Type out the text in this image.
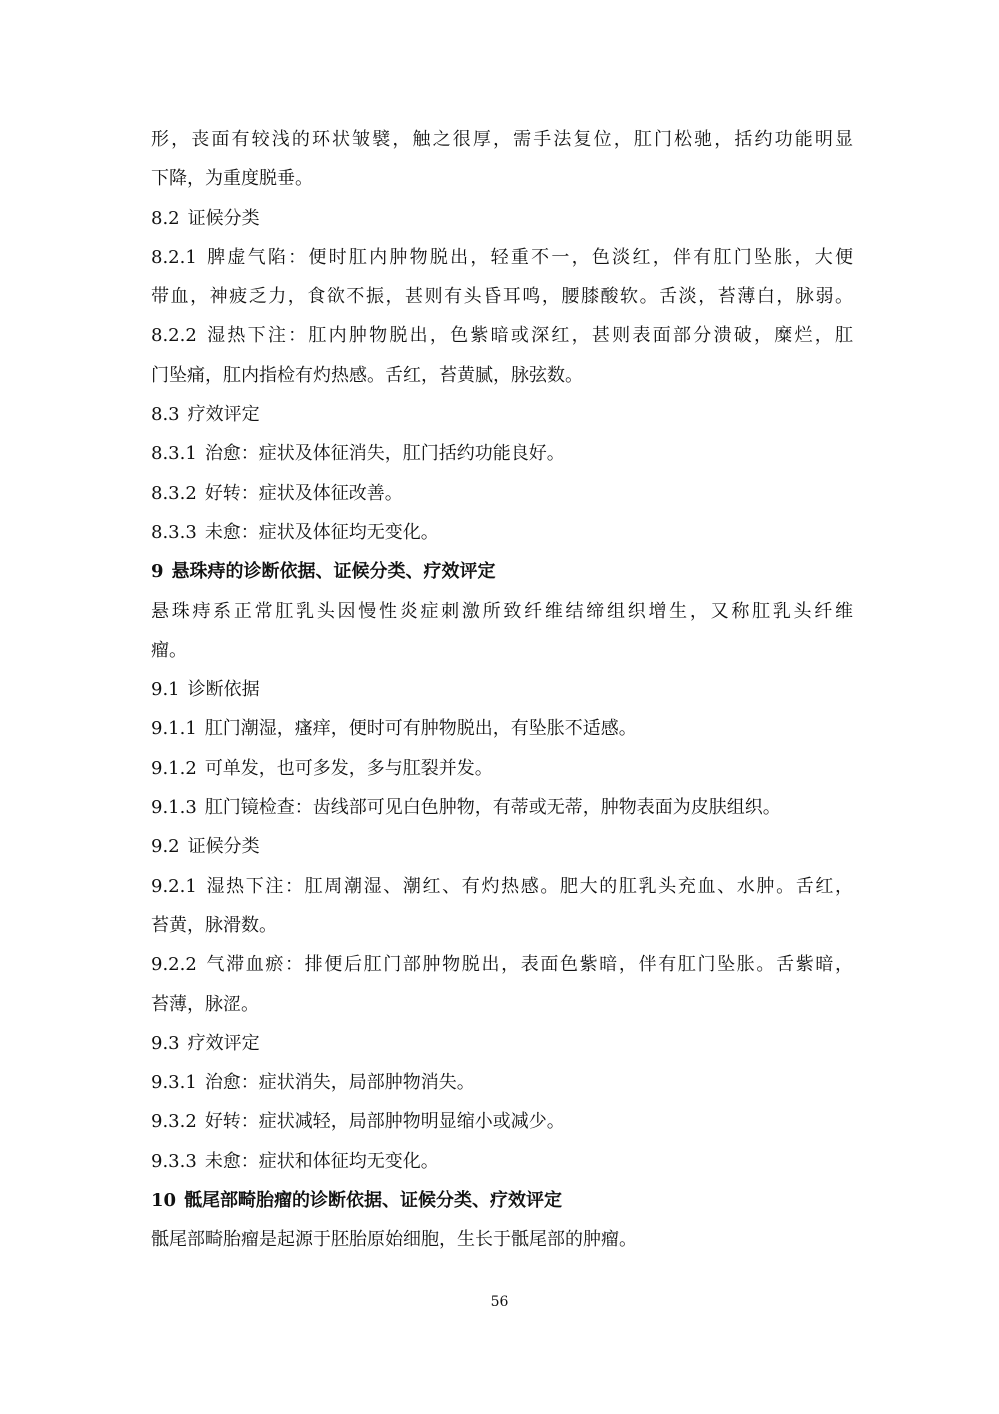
形，丧面有较浅的环状皱襞，触之很厚，需手法复位，肛门松驰，括约功能明显
下降，为重度脱垂。
8.2 证候分类
8.2.1 脾虚气陷：便时肛内肿物脱出，轻重不一，色淡红，伴有肛门坠胀，大便
带血，神疲乏力，食欲不振，甚则有头昏耳鸣，腰膝酸软。舌淡，苔薄白，脉弱。
8.2.2 湿热下注：肛内肿物脱出，色紫暗或深红，甚则表面部分溃破，糜烂，肛
门坠痛，肛内指检有灼热感。舌红，苔黄腻，脉弦数。
8.3 疗效评定
8.3.1 治愈：症状及体征消失，肛门括约功能良好。
8.3.2 好转：症状及体征改善。
8.3.3 未愈：症状及体征均无变化。
9 悬珠痔的诊断依据、证候分类、疗效评定
悬珠痔系正常肛乳头因慢性炎症刺激所致纤维结缔组织增生，又称肛乳头纤维
瘤。
9.1 诊断依据
9.1.1 肛门潮湿，瘙痒，便时可有肿物脱出，有坠胀不适感。
9.1.2 可单发，也可多发，多与肛裂并发。
9.1.3 肛门镜检查：齿线部可见白色肿物，有蒂或无蒂，肿物表面为皮肤组织。
9.2 证候分类
9.2.1 湿热下注：肛周潮湿、潮红、有灼热感。肥大的肛乳头充血、水肿。舌红，
苔黄，脉滑数。
9.2.2 气滞血瘀：排便后肛门部肿物脱出，表面色紫暗，伴有肛门坠胀。舌紫暗，
苔薄，脉涩。
9.3 疗效评定
9.3.1 治愈：症状消失，局部肿物消失。
9.3.2 好转：症状减轻，局部肿物明显缩小或减少。
9.3.3 未愈：症状和体征均无变化。
10 骶尾部畸胎瘤的诊断依据、证候分类、疗效评定
骶尾部畸胎瘤是起源于胚胎原始细胞，生长于骶尾部的肿瘤。
56
